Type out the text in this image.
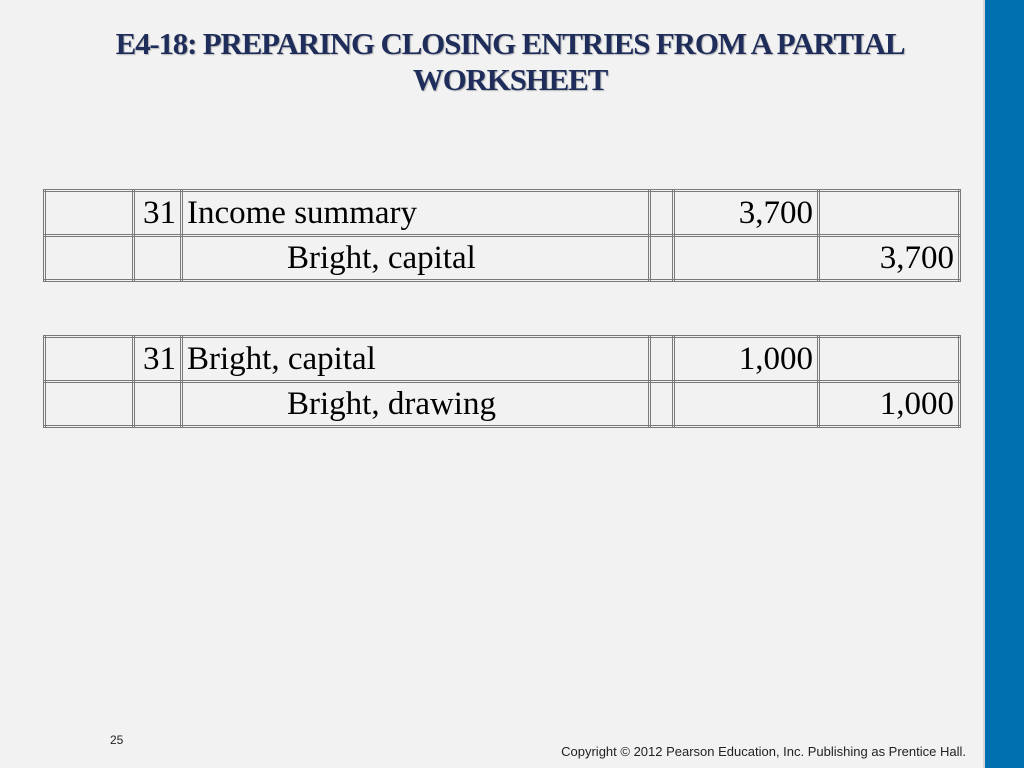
E4-18: PREPARING CLOSING ENTRIES FROM A PARTIAL
WORKSHEET
	31	Income summary		3,700	
		Bright, capital			3,700
	31	Bright, capital		1,000	
		Bright, drawing			1,000
25
Copyright © 2012 Pearson Education, Inc. Publishing as Prentice Hall.
